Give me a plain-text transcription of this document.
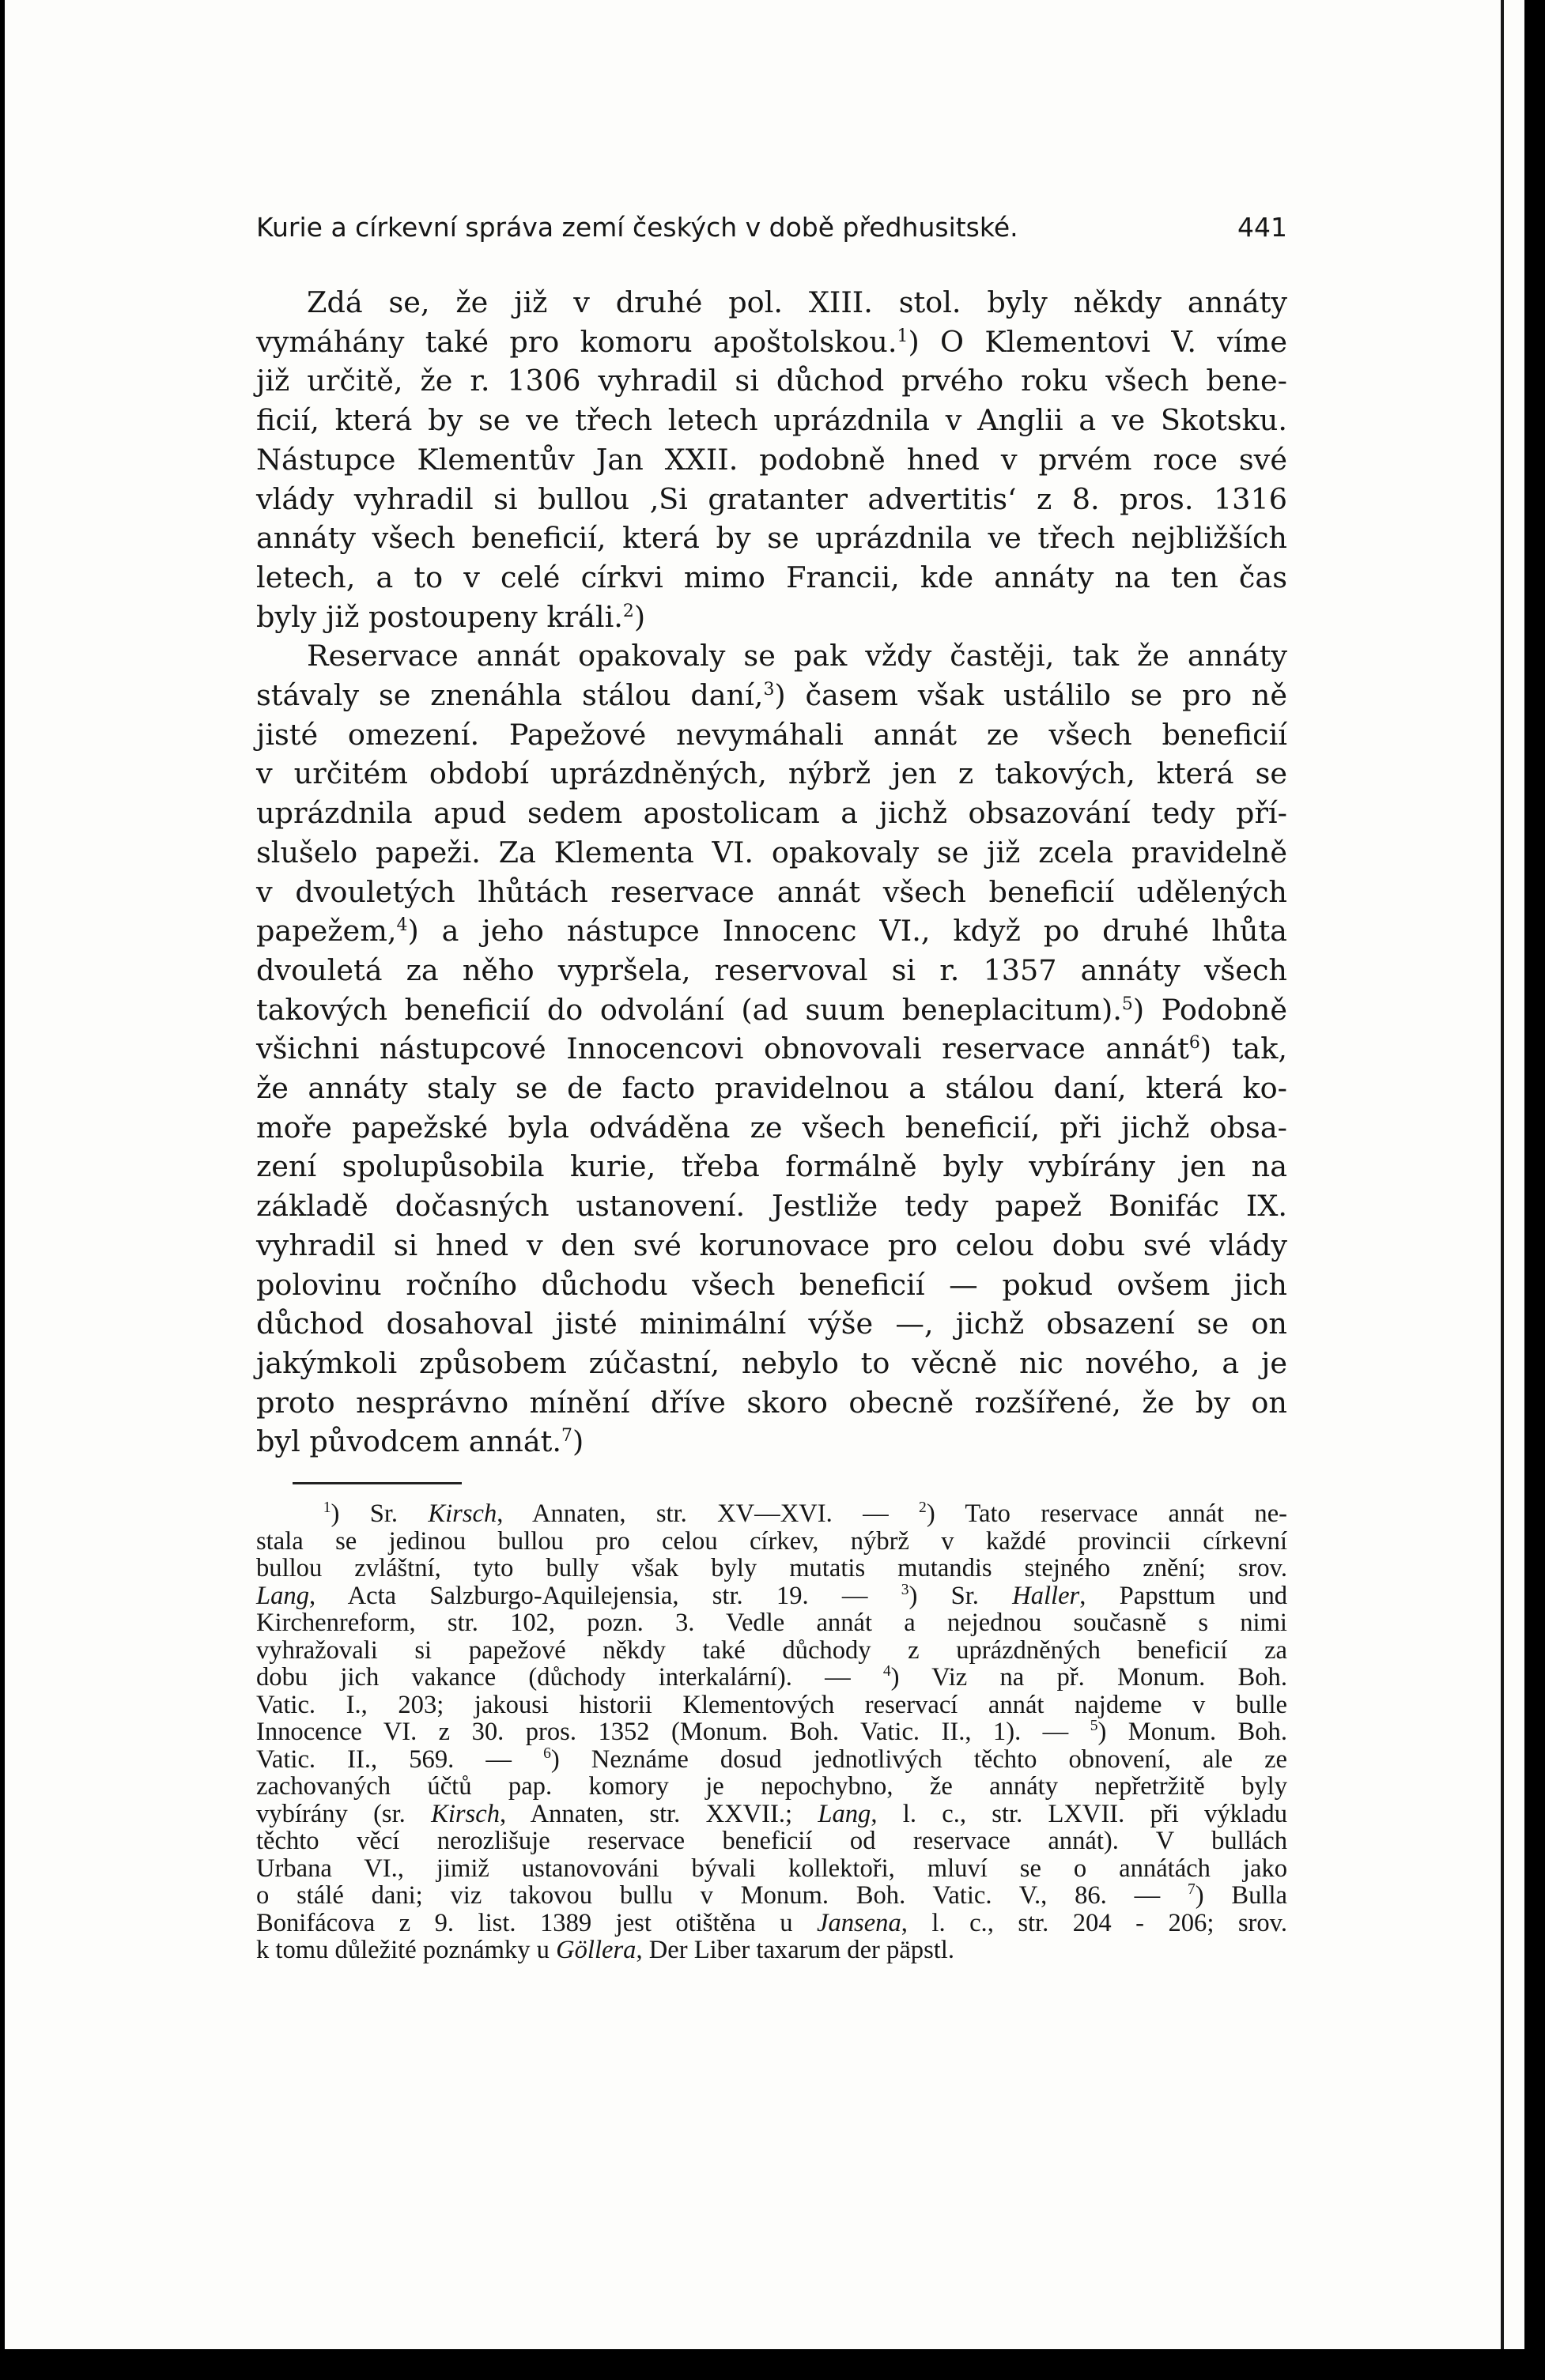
Kurie a církevní správa zemí českých v době předhusitské.	441
Zdá se, že již v druhé pol. XIII. stol. byly někdy annáty
vymáhány také pro komoru apoštolskou.$^1$) O Klementovi V. víme
již určitě, že r. 1306 vyhradil si důchod prvého roku všech bene-
ficií, která by se ve třech letech uprázdnila v Anglii a ve Skotsku.
Nástupce Klementův Jan XXII. podobně hned v prvém roce své
vlády vyhradil si bullou ‚Si gratanter advertitis‘ z 8. pros. 1316
annáty všech beneficií, která by se uprázdnila ve třech nejbližších
letech, a to v celé církvi mimo Francii, kde annáty na ten čas
byly již postoupeny králi.$^2$)
Reservace annát opakovaly se pak vždy častěji, tak že annáty
stávaly se znenáhla stálou daní,$^3$) časem však ustálilo se pro ně
jisté omezení. Papežové nevymáhali annát ze všech beneficií
v určitém období uprázdněných, nýbrž jen z takových, která se
uprázdnila apud sedem apostolicam a jichž obsazování tedy pří-
slušelo papeži. Za Klementa VI. opakovaly se již zcela pravidelně
v dvouletých lhůtách reservace annát všech beneficií udělených
papežem,$^4$) a jeho nástupce Innocenc VI., když po druhé lhůta
dvouletá za něho vypršela, reservoval si r. 1357 annáty všech
takových beneficií do odvolání (ad suum beneplacitum).$^5$) Podobně
všichni nástupcové Innocencovi obnovovali reservace annát$^6$) tak,
že annáty staly se de facto pravidelnou a stálou daní, která ko-
moře papežské byla odváděna ze všech beneficií, při jichž obsa-
zení spolupůsobila kurie, třeba formálně byly vybírány jen na
základě dočasných ustanovení. Jestliže tedy papež Bonifác IX.
vyhradil si hned v den své korunovace pro celou dobu své vlády
polovinu ročního důchodu všech beneficií — pokud ovšem jich
důchod dosahoval jisté minimální výše —, jichž obsazení se on
jakýmkoli způsobem zúčastní, nebylo to věcně nic nového, a je
proto nesprávno mínění dříve skoro obecně rozšířené, že by on
byl původcem annát.$^7$)
$^1$) Sr. Kirsch, Annaten, str. XV—XVI. — $^2$) Tato reservace annát ne-
stala se jedinou bullou pro celou církev, nýbrž v každé provincii církevní
bullou zvláštní, tyto bully však byly mutatis mutandis stejného znění; srov.
Lang, Acta Salzburgo-Aquilejensia, str. 19. — $^3$) Sr. Haller, Papsttum und
Kirchenreform, str. 102, pozn. 3. Vedle annát a nejednou současně s nimi
vyhražovali si papežové někdy také důchody z uprázdněných beneficií za
dobu jich vakance (důchody interkalární). — $^4$) Viz na př. Monum. Boh.
Vatic. I., 203; jakousi historii Klementových reservací annát najdeme v bulle
Innocence VI. z 30. pros. 1352 (Monum. Boh. Vatic. II., 1). — $^5$) Monum. Boh.
Vatic. II., 569. — $^6$) Neznáme dosud jednotlivých těchto obnovení, ale ze
zachovaných účtů pap. komory je nepochybno, že annáty nepřetržitě byly
vybírány (sr. Kirsch, Annaten, str. XXVII.; Lang, l. c., str. LXVII. při výkladu
těchto věcí nerozlišuje reservace beneficií od reservace annát). V bullách
Urbana VI., jimiž ustanovováni bývali kollektoři, mluví se o annátách jako
o stálé dani; viz takovou bullu v Monum. Boh. Vatic. V., 86. — $^7$) Bulla
Bonifácova z 9. list. 1389 jest otištěna u Jansena, l. c., str. 204 - 206; srov.
k tomu důležité poznámky u Göllera, Der Liber taxarum der päpstl.
